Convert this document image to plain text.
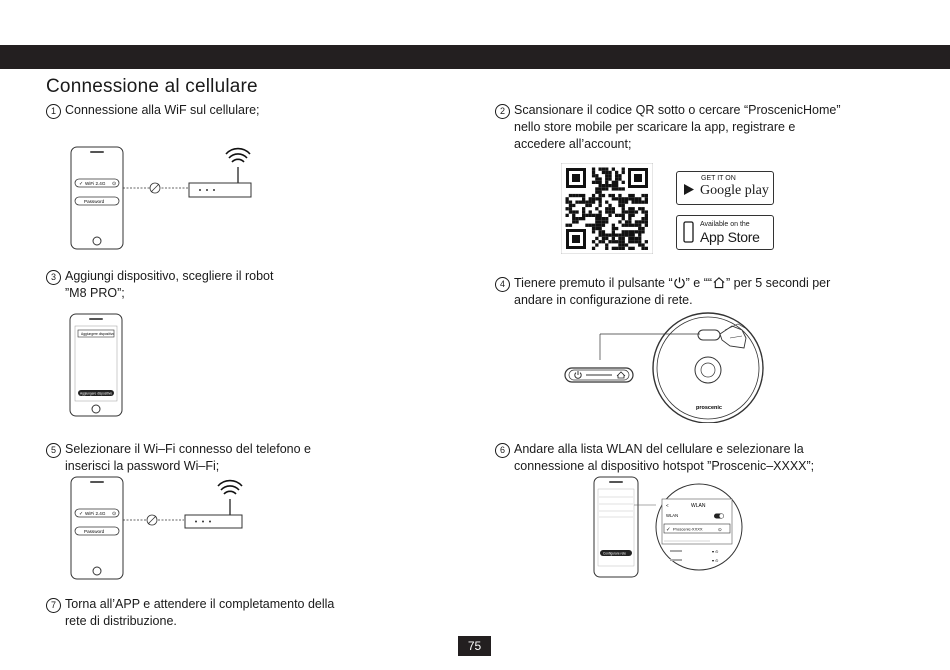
Connessione al cellulare
1 Connessione alla WiF sul cellulare;	2 Scansionare il codice QR sotto o cercare “ProscenicHome”
nello store mobile per scaricare la app, registrare e
accedere all’account;
3 Aggiungi dispositivo, scegliere il robot
”M8 PRO”;
4 Tienere premuto il pulsante “ ” e ““ ” per 5 secondi per
andare in configurazione di rete.
5 Selezionare il Wi–Fi connesso del telefono e
inserisci la password Wi–Fi;
6 Andare alla lista WLAN del cellulare e selezionare la
connessione al dispositivo hotspot ”Proscenic–XXXX”;
7 Torna all’APP e attendere il completamento della
rete di distribuzione.
✓ WiFi 2.4G ⊙
Password
GET IT ON
Google play
Available on the
App Store
Aggiungere dispositivo
Aggiungere dispositivo
proscenic
✓ WiFi 2.4G ⊙
Password
Configurare rete
<	WLAN
WLAN
✓ Proscenic-XXXX	⊙
▾ ⊙
▾ ⊙
75
